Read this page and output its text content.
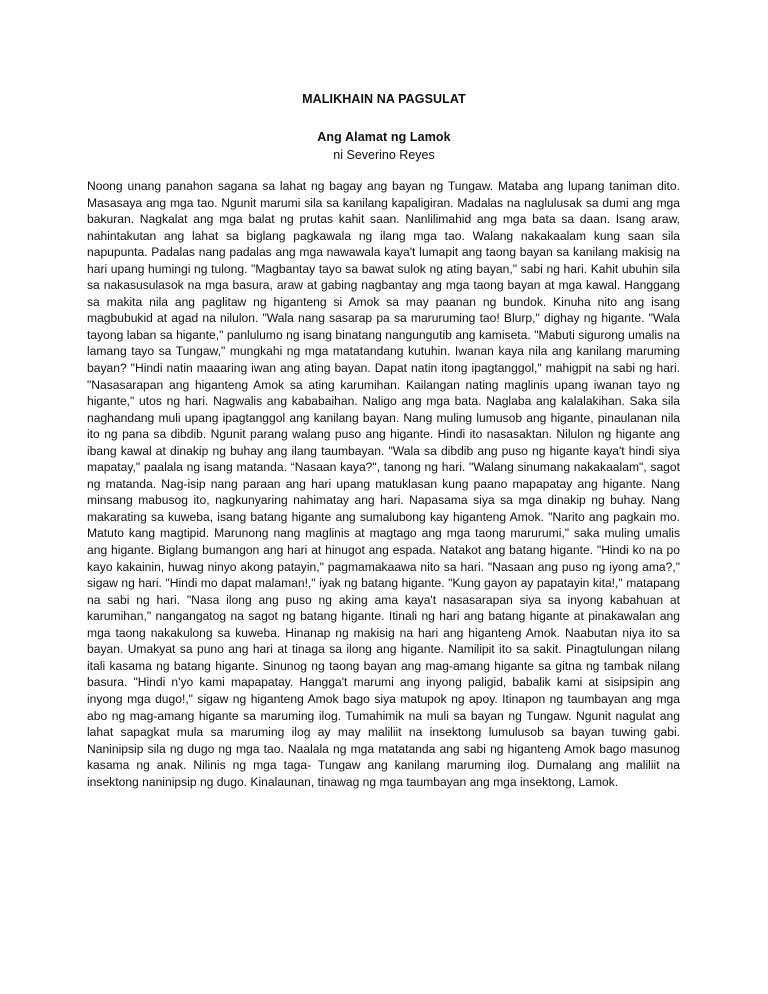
MALIKHAIN NA PAGSULAT
Ang Alamat ng Lamok
ni Severino Reyes

Noong unang panahon sagana sa lahat ng bagay ang bayan ng Tungaw. Mataba ang lupang taniman dito. Masasaya ang mga tao. Ngunit marumi sila sa kanilang kapaligiran. Madalas na naglulusak sa dumi ang mga bakuran. Nagkalat ang mga balat ng prutas kahit saan. Nanlilimahid ang mga bata sa daan. Isang araw, nahintakutan ang lahat sa biglang pagkawala ng ilang mga tao. Walang nakakaalam kung saan sila napupunta. Padalas nang padalas ang mga nawawala kaya't lumapit ang taong bayan sa kanilang makisig na hari upang humingi ng tulong. "Magbantay tayo sa bawat sulok ng ating bayan," sabi ng hari. Kahit ubuhin sila sa nakasusulasok na mga basura, araw at gabing nagbantay ang mga taong bayan at mga kawal. Hanggang sa makita nila ang paglitaw ng higanteng si Amok sa may paanan ng bundok. Kinuha nito ang isang magbubukid at agad na nilulon. "Wala nang sasarap pa sa maruruming tao! Blurp," dighay ng higante. "Wala tayong laban sa higante," panlulumo ng isang binatang nangungutib ang kamiseta. "Mabuti sigurong umalis na lamang tayo sa Tungaw," mungkahi ng mga matatandang kutuhin. Iwanan kaya nila ang kanilang maruming bayan? "Hindi natin maaaring iwan ang ating bayan. Dapat natin itong ipagtanggol," mahigpit na sabi ng hari. "Nasasarapan ang higanteng Amok sa ating karumihan. Kailangan nating maglinis upang iwanan tayo ng higante," utos ng hari. Nagwalis ang kababaihan. Naligo ang mga bata. Naglaba ang kalalakihan. Saka sila naghandang muli upang ipagtanggol ang kanilang bayan. Nang muling lumusob ang higante, pinaulanan nila ito ng pana sa dibdib. Ngunit parang walang puso ang higante. Hindi ito nasasaktan. Nilulon ng higante ang ibang kawal at dinakip ng buhay ang ilang taumbayan. "Wala sa dibdib ang puso ng higante kaya't hindi siya mapatay," paalala ng isang matanda. “Nasaan kaya?", tanong ng hari. "Walang sinumang nakakaalam", sagot ng matanda. Nag-isip nang paraan ang hari upang matuklasan kung paano mapapatay ang higante. Nang minsang mabusog ito, nagkunyaring nahimatay ang hari. Napasama siya sa mga dinakip ng buhay. Nang makarating sa kuweba, isang batang higante ang sumalubong kay higanteng Amok. "Narito ang pagkain mo. Matuto kang magtipid. Marunong nang maglinis at magtago ang mga taong marurumi," saka muling umalis ang higante. Biglang bumangon ang hari at hinugot ang espada. Natakot ang batang higante. "Hindi ko na po kayo kakainin, huwag ninyo akong patayin," pagmamakaawa nito sa hari. "Nasaan ang puso ng iyong ama?," sigaw ng hari. "Hindi mo dapat malaman!," iyak ng batang higante. "Kung gayon ay papatayin kita!," matapang na sabi ng hari. "Nasa ilong ang puso ng aking ama kaya't nasasarapan siya sa inyong kabahuan at karumihan," nangangatog na sagot ng batang higante. Itinali ng hari ang batang higante at pinakawalan ang mga taong nakakulong sa kuweba. Hinanap ng makisig na hari ang higanteng Amok. Naabutan niya ito sa bayan. Umakyat sa puno ang hari at tinaga sa ilong ang higante. Namilipit ito sa sakit. Pinagtulungan nilang itali kasama ng batang higante. Sinunog ng taong bayan ang mag-amang higante sa gitna ng tambak nilang basura. "Hindi n'yo kami mapapatay. Hangga't marumi ang inyong paligid, babalik kami at sisipsipin ang inyong mga dugo!," sigaw ng higanteng Amok bago siya matupok ng apoy. Itinapon ng taumbayan ang mga abo ng mag-amang higante sa maruming ilog. Tumahimik na muli sa bayan ng Tungaw. Ngunit nagulat ang lahat sapagkat mula sa maruming ilog ay may maliliit na insektong lumulusob sa bayan tuwing gabi. Naninipsip sila ng dugo ng mga tao. Naalala ng mga matatanda ang sabi ng higanteng Amok bago masunog kasama ng anak. Nilinis ng mga taga- Tungaw ang kanilang maruming ilog. Dumalang ang maliliit na insektong naninipsip ng dugo. Kinalaunan, tinawag ng mga taumbayan ang mga insektong, Lamok.
